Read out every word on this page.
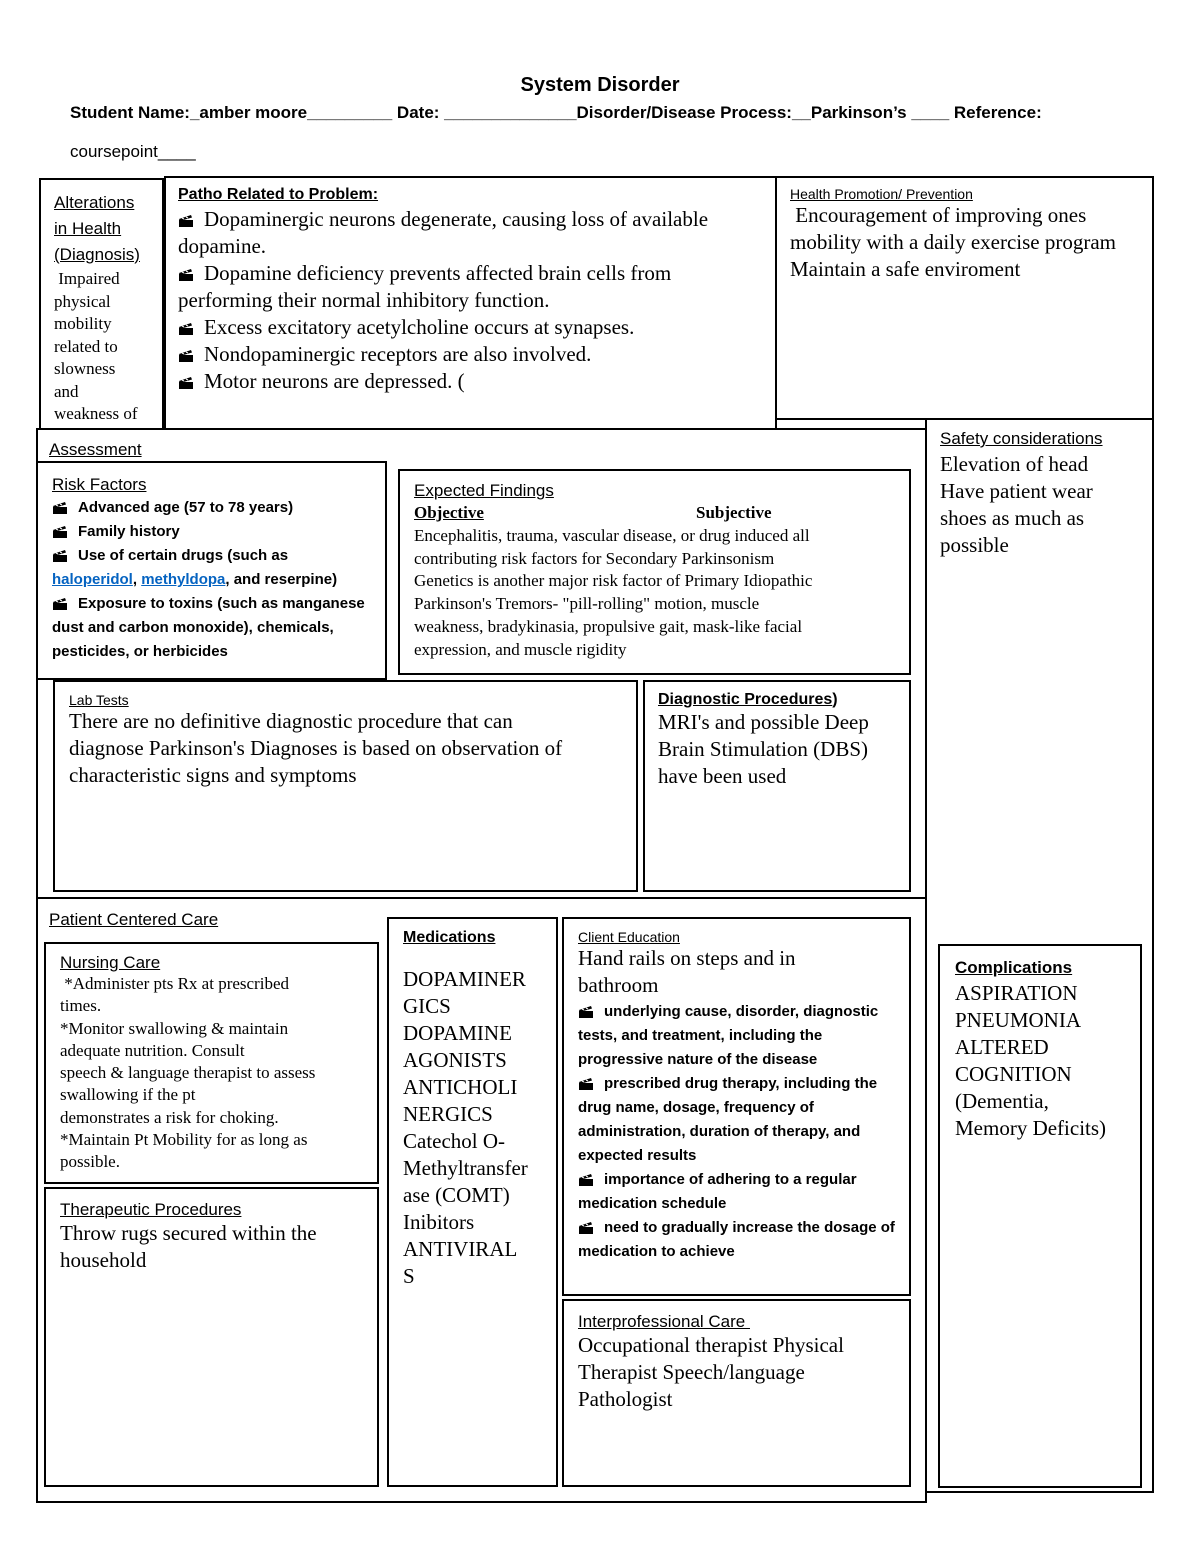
System Disorder
Student Name:_amber moore_________ Date: ______________Disorder/Disease Process:__Parkinson’s ____ Reference:
coursepoint____
Alterations
in Health
(Diagnosis)
Impaired
physical
mobility
related to
slowness
and
weakness of
Patho Related to Problem:
Dopaminergic neurons degenerate, causing loss of available dopamine.
Dopamine deficiency prevents affected brain cells from performing their normal inhibitory function.
Excess excitatory acetylcholine occurs at synapses.
Nondopaminergic receptors are also involved.
Motor neurons are depressed. (
Health Promotion/ Prevention
Encouragement of improving ones mobility with a daily exercise program Maintain a safe enviroment
Assessment
Risk Factors
Advanced age (57 to 78 years)
Family history
Use of certain drugs (such as haloperidol, methyldopa, and reserpine)
Exposure to toxins (such as manganese dust and carbon monoxide), chemicals, pesticides, or herbicides
Expected Findings
Objective	Subjective
Encephalitis, trauma, vascular disease, or drug induced all
contributing risk factors for Secondary Parkinsonism
Genetics is another major risk factor of Primary Idiopathic
Parkinson's Tremors- "pill-rolling" motion, muscle
weakness, bradykinasia, propulsive gait, mask-like facial
expression, and muscle rigidity
Lab Tests
There are no definitive diagnostic procedure that can
diagnose Parkinson's Diagnoses is based on observation of
characteristic signs and symptoms
Diagnostic Procedures)
MRI's and possible Deep
Brain Stimulation (DBS)
have been used
Safety considerations
Elevation of head
Have patient wear
shoes as much as
possible
Complications
ASPIRATION
PNEUMONIA
ALTERED
COGNITION
(Dementia,
Memory Deficits)
Patient Centered Care
Nursing Care
*Administer pts Rx at prescribed
times.
*Monitor swallowing & maintain
adequate nutrition. Consult
speech & language therapist to assess
swallowing if the pt
demonstrates a risk for choking.
*Maintain Pt Mobility for as long as
possible.
Therapeutic Procedures
Throw rugs secured within the
household
Medications
DOPAMINER
GICS
DOPAMINE
AGONISTS
ANTICHOLI
NERGICS
Catechol O-
Methyltransfer
ase (COMT)
Inibitors
ANTIVIRAL
S
Client Education
Hand rails on steps and in
bathroom
underlying cause, disorder, diagnostic tests, and treatment, including the progressive nature of the disease
prescribed drug therapy, including the drug name, dosage, frequency of administration, duration of therapy, and expected results
importance of adhering to a regular medication schedule
need to gradually increase the dosage of medication to achieve
Interprofessional Care
Occupational therapist Physical
Therapist Speech/language
Pathologist
